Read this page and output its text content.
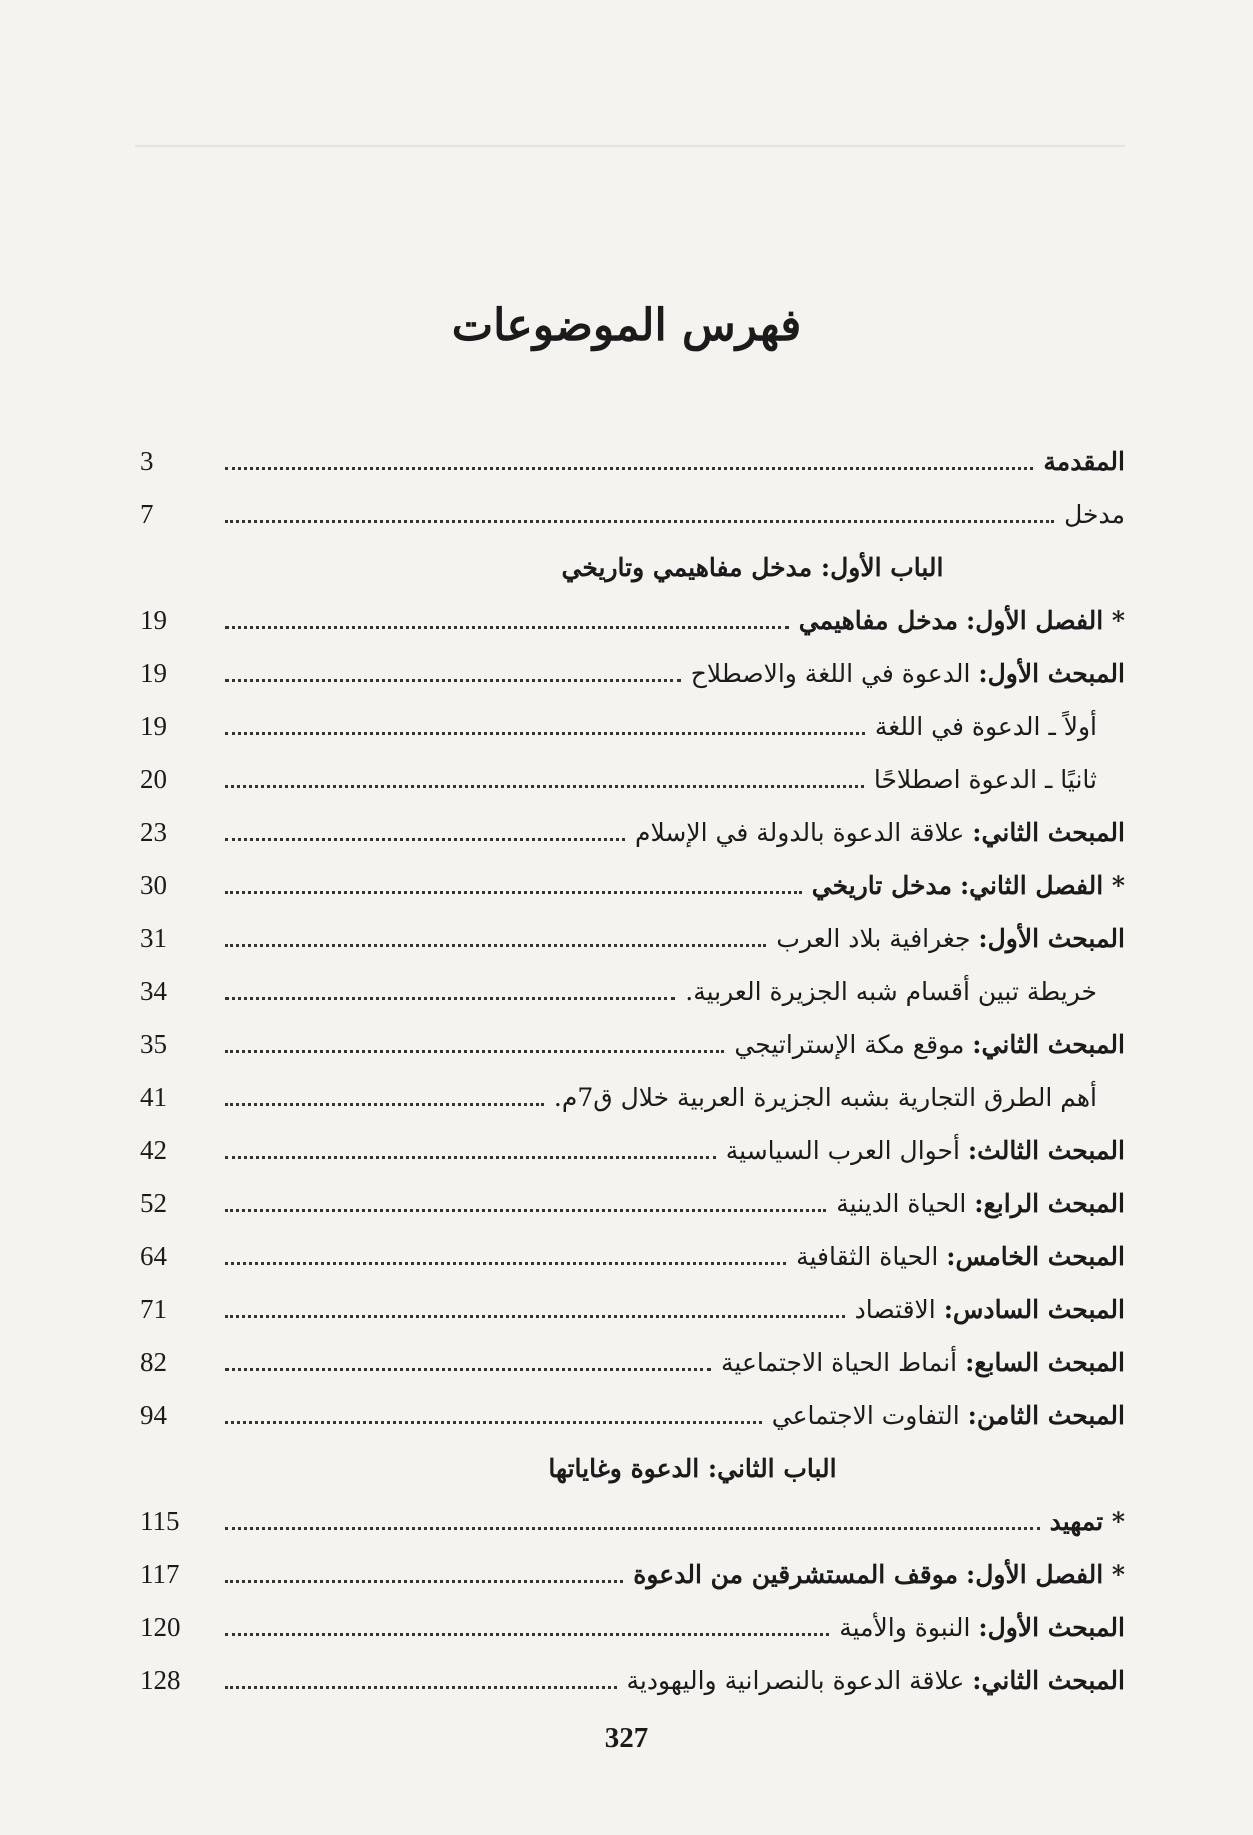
فهرس الموضوعات
3	المقدمة
7	مدخل
الباب الأول: مدخل مفاهيمي وتاريخي
19	* الفصل الأول: مدخل مفاهيمي
19	المبحث الأول: الدعوة في اللغة والاصطلاح
19	أولاً ـ الدعوة في اللغة
20	ثانيًا ـ الدعوة اصطلاحًا
23	المبحث الثاني: علاقة الدعوة بالدولة في الإسلام
30	* الفصل الثاني: مدخل تاريخي
31	المبحث الأول: جغرافية بلاد العرب
34	خريطة تبين أقسام شبه الجزيرة العربية.
35	المبحث الثاني: موقع مكة الإستراتيجي
41	أهم الطرق التجارية بشبه الجزيرة العربية خلال ق7م.
42	المبحث الثالث: أحوال العرب السياسية
52	المبحث الرابع: الحياة الدينية
64	المبحث الخامس: الحياة الثقافية
71	المبحث السادس: الاقتصاد
82	المبحث السابع: أنماط الحياة الاجتماعية
94	المبحث الثامن: التفاوت الاجتماعي
الباب الثاني: الدعوة وغاياتها
115	* تمهيد
117	* الفصل الأول: موقف المستشرقين من الدعوة
120	المبحث الأول: النبوة والأمية
128	المبحث الثاني: علاقة الدعوة بالنصرانية واليهودية
327
